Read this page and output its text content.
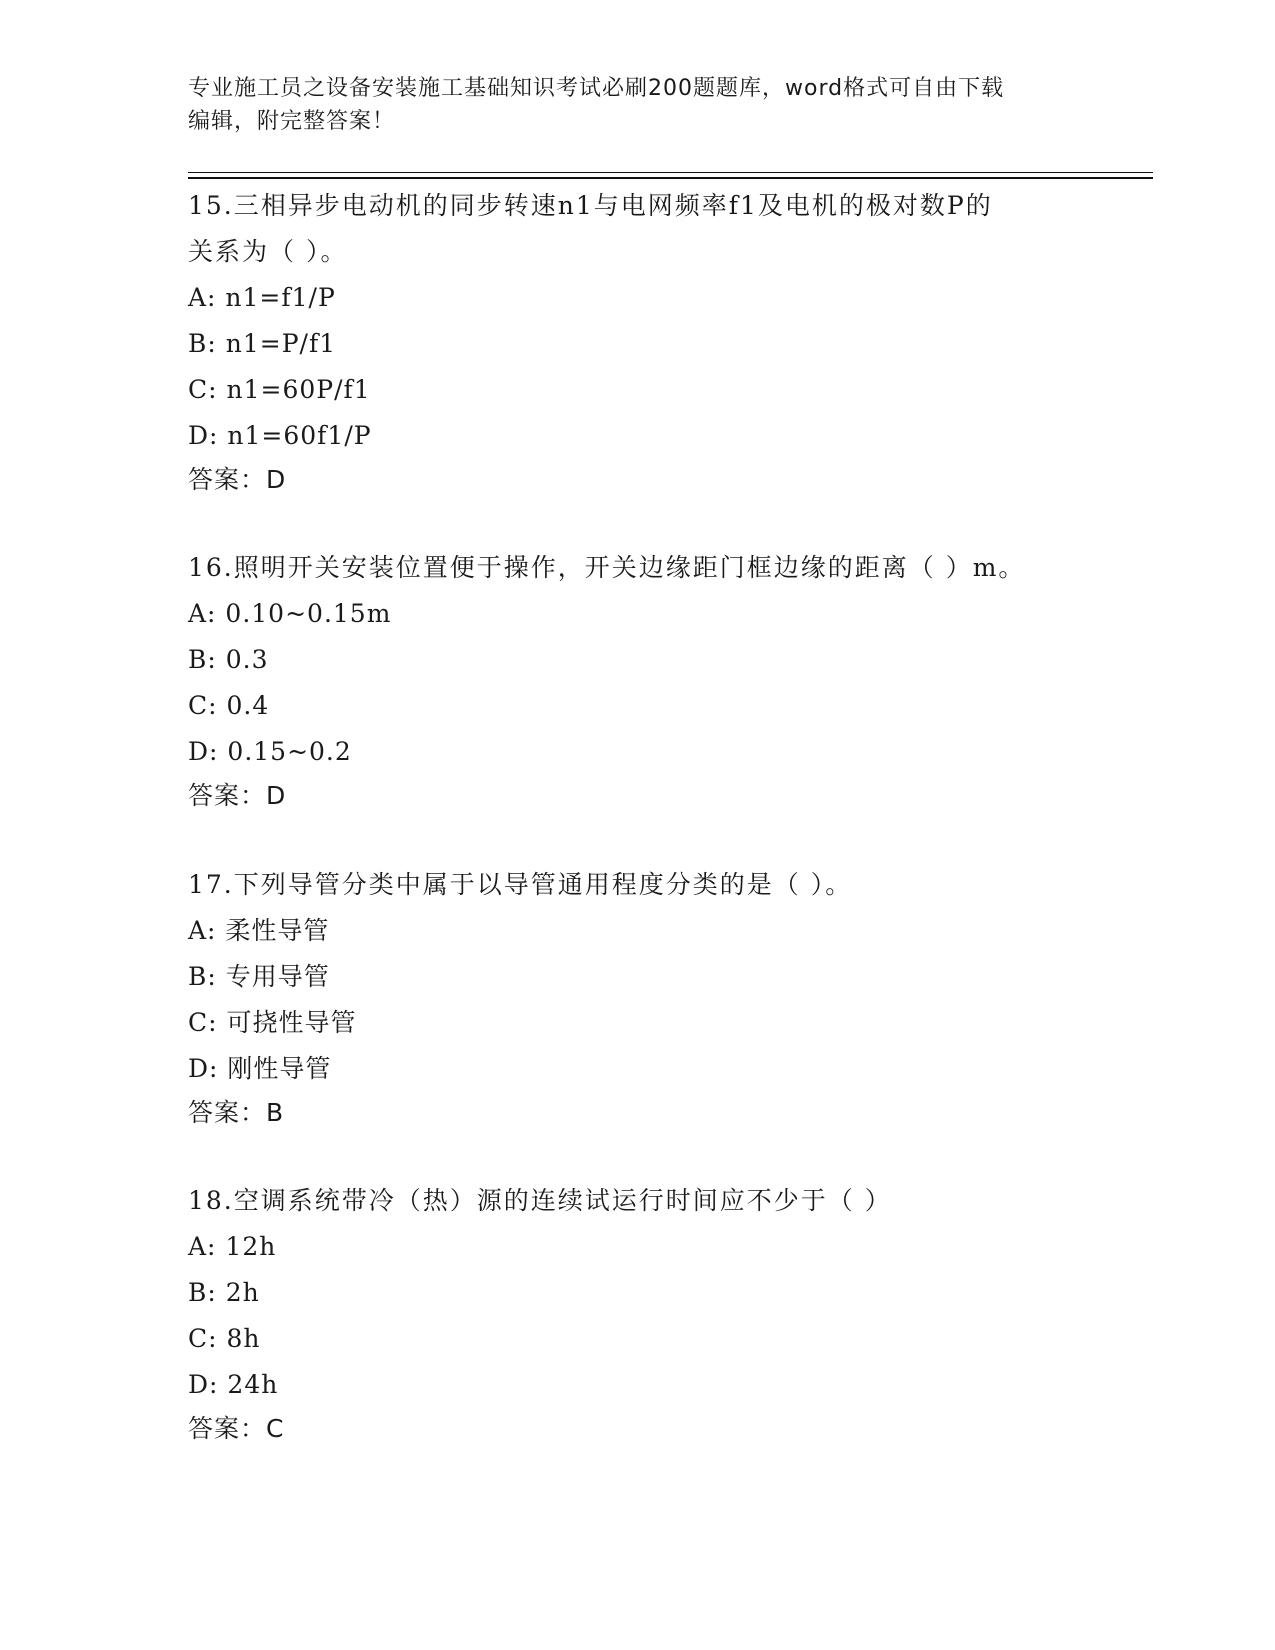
专业施工员之设备安装施工基础知识考试必刷200题题库，word格式可自由下载
编辑，附完整答案！

15.三相异步电动机的同步转速n1与电网频率f1及电机的极对数P的

关系为（ ）。

A: n1=f1/P

B: n1=P/f1

C: n1=60P/f1

D: n1=60f1/P

答案：D

16.照明开关安装位置便于操作，开关边缘距门框边缘的距离（ ）m。

A: 0.10~0.15m

B: 0.3

C: 0.4

D: 0.15~0.2

答案：D

17.下列导管分类中属于以导管通用程度分类的是（ ）。

A: 柔性导管

B: 专用导管

C: 可挠性导管

D: 刚性导管

答案：B

18.空调系统带冷（热）源的连续试运行时间应不少于（ ）

A: 12h

B: 2h

C: 8h

D: 24h

答案：C
